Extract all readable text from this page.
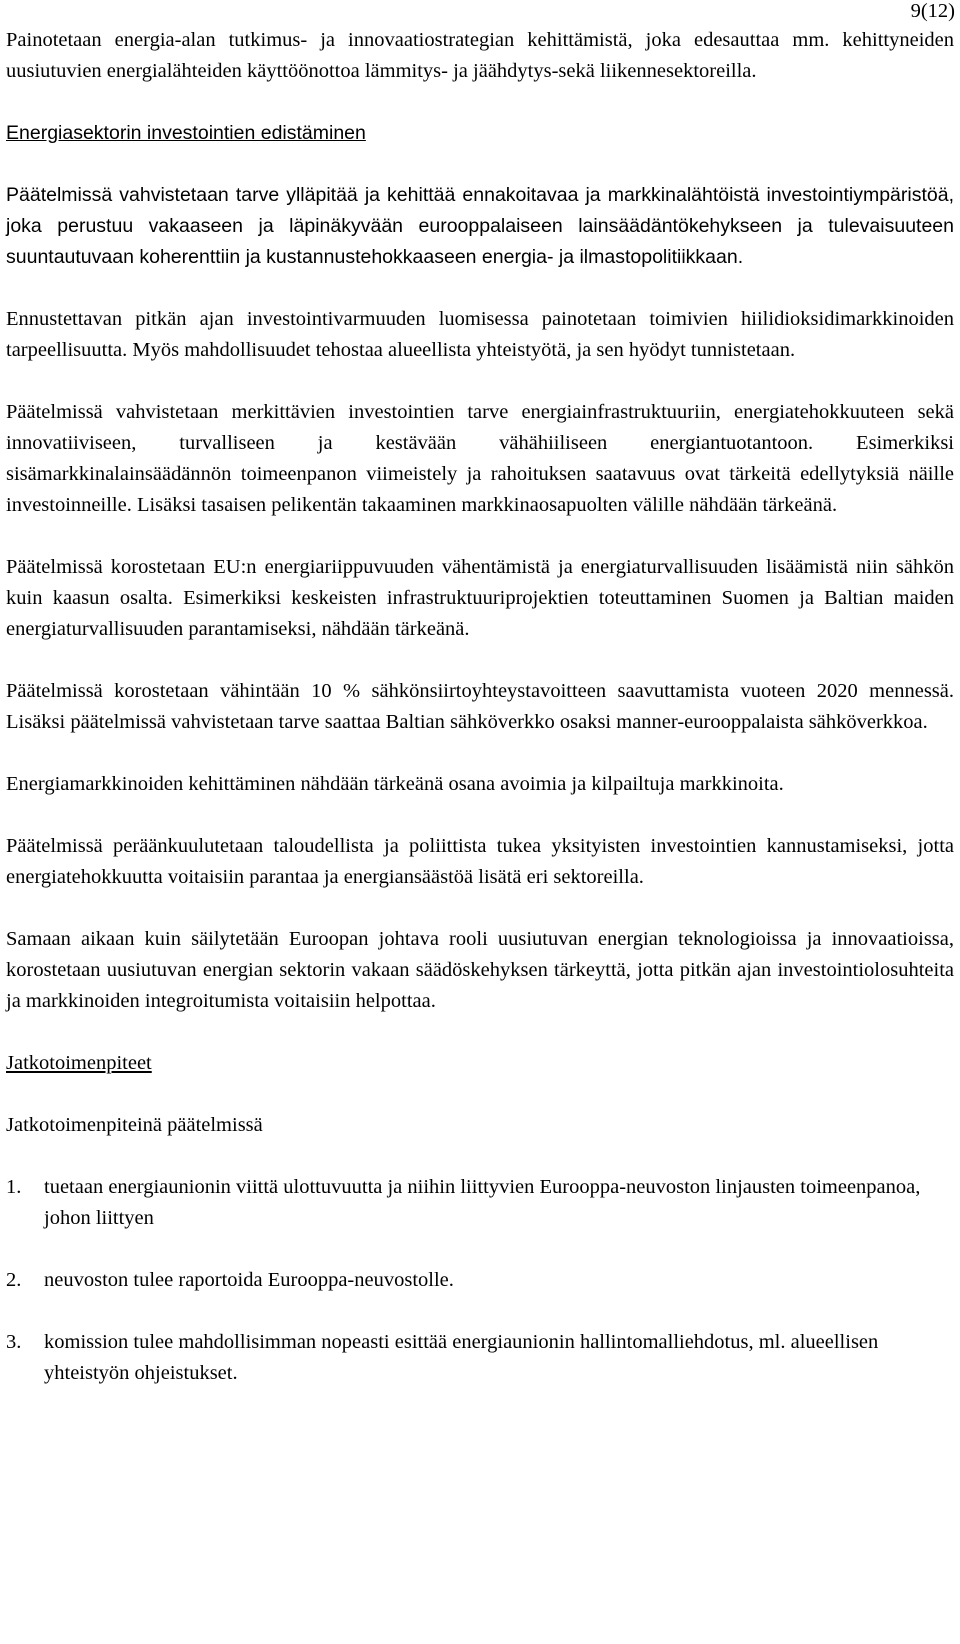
9(12)

Painotetaan energia-alan tutkimus- ja innovaatiostrategian kehittämistä, joka edesauttaa mm. kehittyneiden uusiutuvien energialähteiden käyttöönottoa lämmitys- ja jäähdytys-sekä liikennesektoreilla.

Energiasektorin investointien edistäminen

Päätelmissä vahvistetaan tarve ylläpitää ja kehittää ennakoitavaa ja markkinalähtöistä investointiympäristöä, joka perustuu vakaaseen ja läpinäkyvään eurooppalaiseen lainsäädäntökehykseen ja tulevaisuuteen suuntautuvaan koherenttiin ja kustannustehokkaaseen energia- ja ilmastopolitiikkaan.

Ennustettavan pitkän ajan investointivarmuuden luomisessa painotetaan toimivien hiilidioksidimarkkinoiden tarpeellisuutta. Myös mahdollisuudet tehostaa alueellista yhteistyötä, ja sen hyödyt tunnistetaan.

Päätelmissä vahvistetaan merkittävien investointien tarve energiainfrastruktuuriin, energiatehokkuuteen sekä innovatiiviseen, turvalliseen ja kestävään vähähiiliseen energiantuotantoon. Esimerkiksi sisämarkkinalainsäädännön toimeenpanon viimeistely ja rahoituksen saatavuus ovat tärkeitä edellytyksiä näille investoinneille. Lisäksi tasaisen pelikentän takaaminen markkinaosapuolten välille nähdään tärkeänä.

Päätelmissä korostetaan EU:n energiariippuvuuden vähentämistä ja energiaturvallisuuden lisäämistä niin sähkön kuin kaasun osalta. Esimerkiksi keskeisten infrastruktuuriprojektien toteuttaminen Suomen ja Baltian maiden energiaturvallisuuden parantamiseksi, nähdään tärkeänä.

Päätelmissä korostetaan vähintään 10 % sähkönsiirtoyhteystavoitteen saavuttamista vuoteen 2020 mennessä. Lisäksi päätelmissä vahvistetaan tarve saattaa Baltian sähköverkko osaksi manner-eurooppalaista sähköverkkoa.

Energiamarkkinoiden kehittäminen nähdään tärkeänä osana avoimia ja kilpailtuja markkinoita.

Päätelmissä peräänkuulutetaan taloudellista ja poliittista tukea yksityisten investointien kannustamiseksi, jotta energiatehokkuutta voitaisiin parantaa ja energiansäästöä lisätä eri sektoreilla.

Samaan aikaan kuin säilytetään Euroopan johtava rooli uusiutuvan energian teknologioissa ja innovaatioissa, korostetaan uusiutuvan energian sektorin vakaan säädöskehyksen tärkeyttä, jotta pitkän ajan investointiolosuhteita ja markkinoiden integroitumista voitaisiin helpottaa.

Jatkotoimenpiteet

Jatkotoimenpiteinä päätelmissä

1.	tuetaan energiaunionin viittä ulottuvuutta ja niihin liittyvien Eurooppa-neuvoston linjausten toimeenpanoa, johon liittyen
2.	neuvoston tulee raportoida Eurooppa-neuvostolle.
3.	komission tulee mahdollisimman nopeasti esittää energiaunionin hallintomalliehdotus, ml. alueellisen yhteistyön ohjeistukset.
